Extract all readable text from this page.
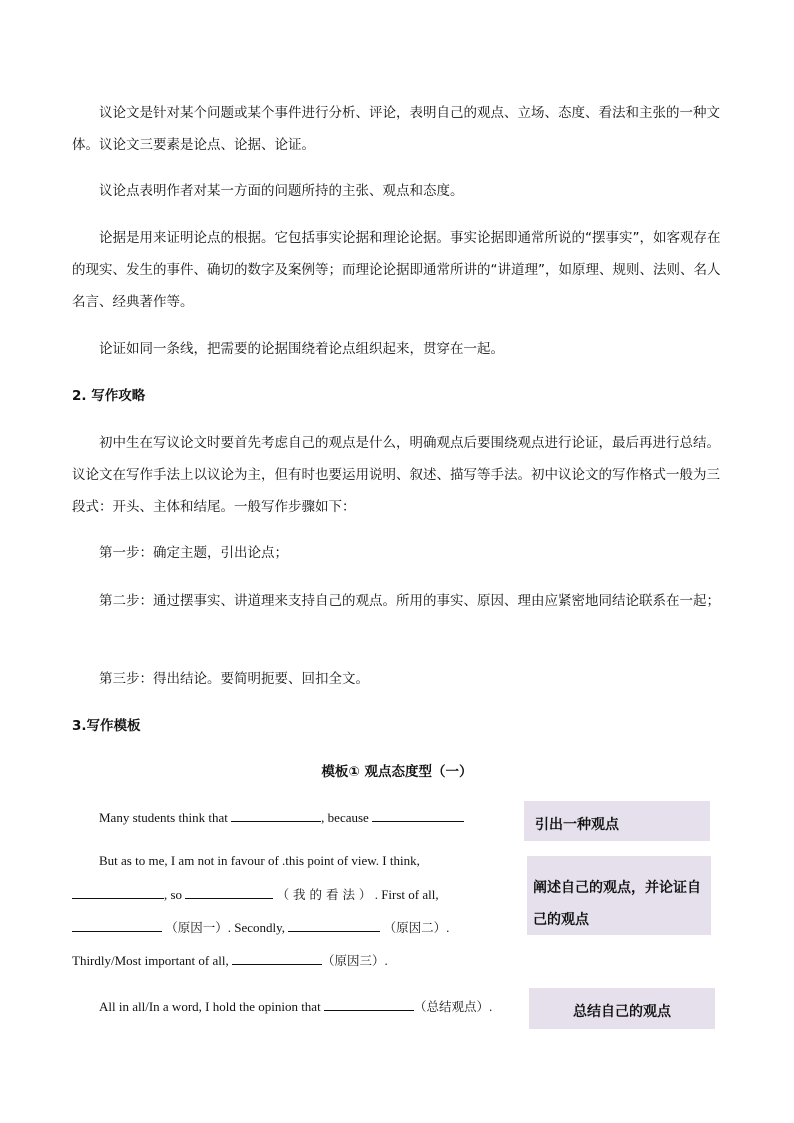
议论文是针对某个问题或某个事件进行分析、评论，表明自己的观点、立场、态度、看法和主张的一种文体。议论文三要素是论点、论据、论证。

议论点表明作者对某一方面的问题所持的主张、观点和态度。

论据是用来证明论点的根据。它包括事实论据和理论论据。事实论据即通常所说的“摆事实”，如客观存在的现实、发生的事件、确切的数字及案例等；而理论论据即通常所讲的“讲道理”，如原理、规则、法则、名人名言、经典著作等。

论证如同一条线，把需要的论据围绕着论点组织起来，贯穿在一起。

2. 写作攻略

初中生在写议论文时要首先考虑自己的观点是什么，明确观点后要围绕观点进行论证，最后再进行总结。议论文在写作手法上以议论为主，但有时也要运用说明、叙述、描写等手法。初中议论文的写作格式一般为三段式：开头、主体和结尾。一般写作步骤如下：

第一步：确定主题，引出论点；

第二步：通过摆事实、讲道理来支持自己的观点。所用的事实、原因、理由应紧密地同结论联系在一起；

第三步：得出结论。要简明扼要、回扣全文。

3.写作模板

模板① 观点态度型（一）

Many students think that	, because

But as to me, I am not in favour of .this point of view. I think,

, so	（ 我 的 看 法 ） . First of all,

（原因一）. Secondly,	（原因二）.

Thirdly/Most important of all,	（原因三）.

All in all/In a word, I hold the opinion that	（总结观点）.

引出一种观点
阐述自己的观点，并论证自己的观点
总结自己的观点
